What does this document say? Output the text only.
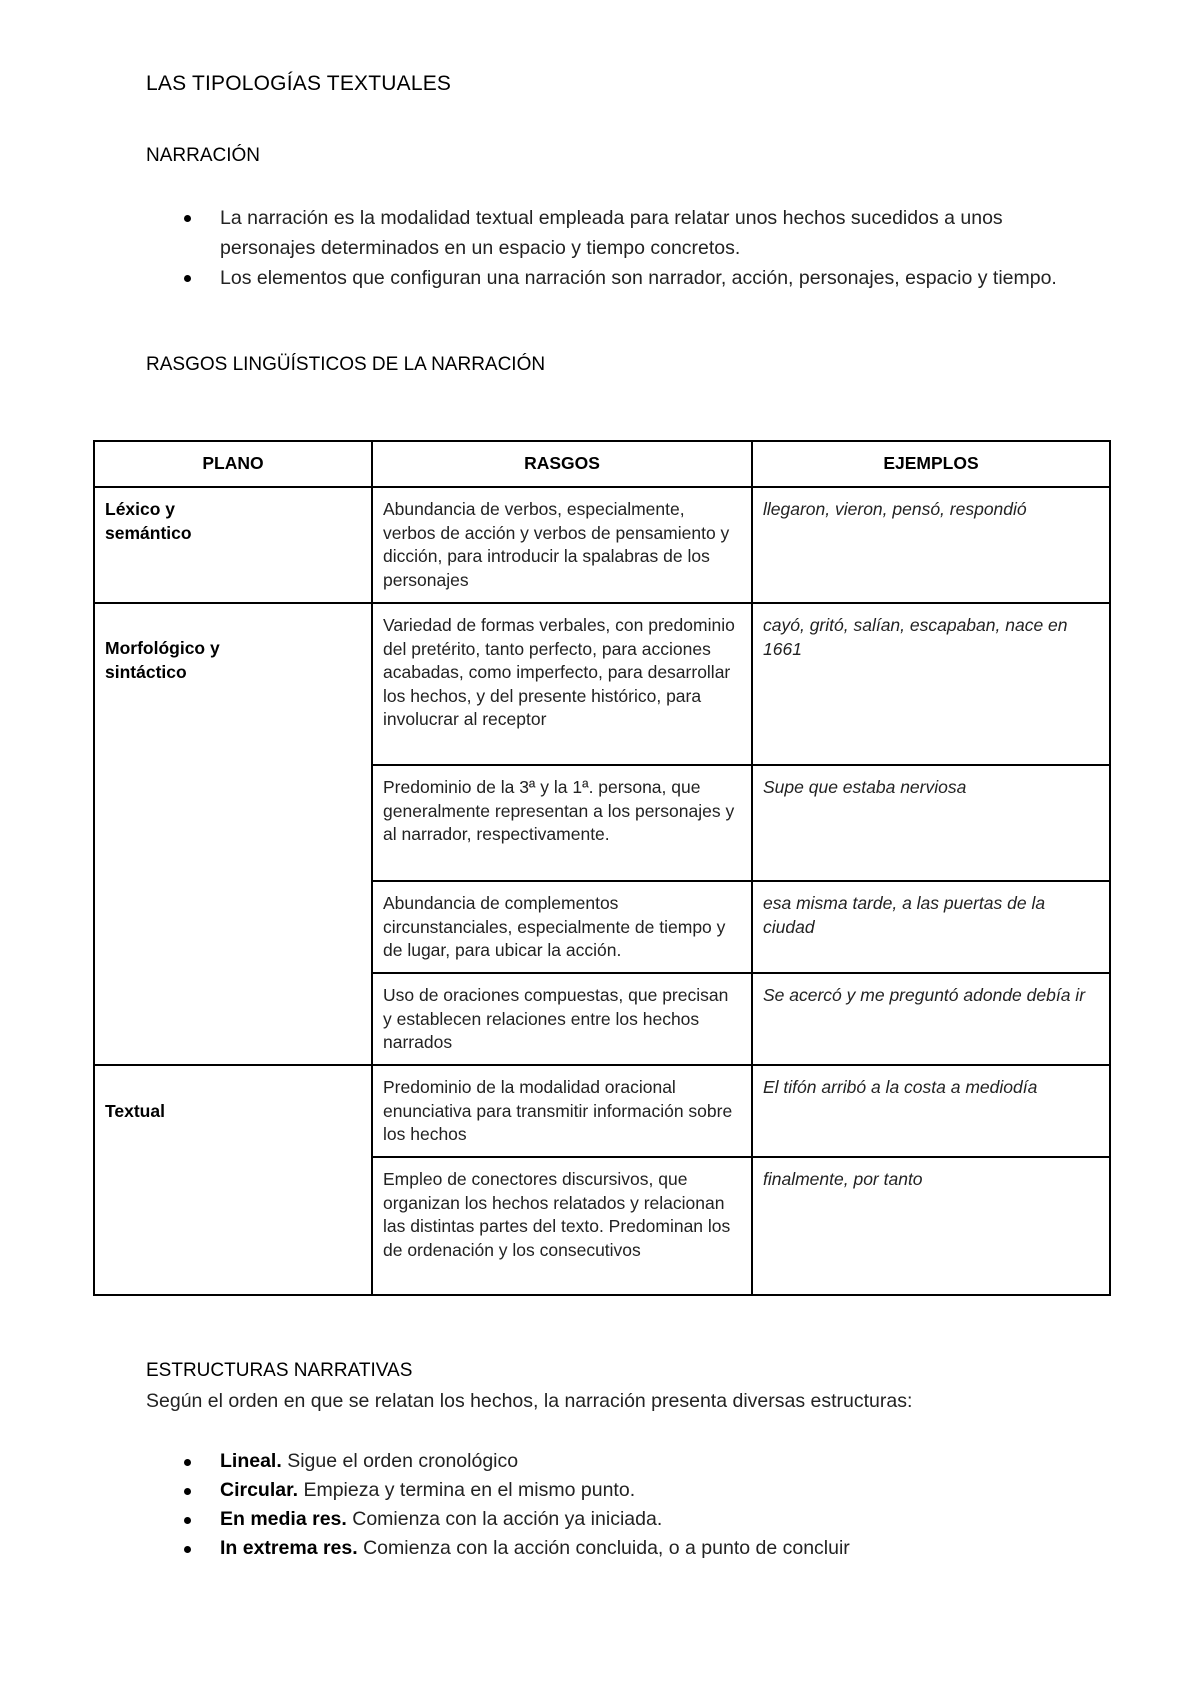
LAS TIPOLOGÍAS TEXTUALES
NARRACIÓN
La narración es la modalidad textual empleada para relatar unos hechos sucedidos a unos personajes determinados en un espacio y tiempo concretos.
Los elementos que configuran una narración son narrador, acción, personajes, espacio y tiempo.
RASGOS LINGÜÍSTICOS DE LA NARRACIÓN
PLANO	RASGOS	EJEMPLOS

Léxico y semántico	Abundancia de verbos, especialmente, verbos de acción y verbos de pensamiento y dicción, para introducir la spalabras de los personajes	llegaron, vieron, pensó, respondió

Morfológico y sintáctico	Variedad de formas verbales, con predominio del pretérito, tanto perfecto, para acciones acabadas, como imperfecto, para desarrollar los hechos, y del presente histórico, para involucrar al receptor	cayó, gritó, salían, escapaban, nace en 1661
	Predominio de la 3ª y la 1ª. persona, que generalmente representan a los personajes y al narrador, respectivamente.	Supe que estaba nerviosa
	Abundancia de complementos circunstanciales, especialmente de tiempo y de lugar, para ubicar la acción.	esa misma tarde, a las puertas de la ciudad
	Uso de oraciones compuestas, que precisan y establecen relaciones entre los hechos narrados	Se acercó y me preguntó adonde debía ir

Textual	Predominio de la modalidad oracional enunciativa para transmitir información sobre los hechos	El tifón arribó a la costa a mediodía
	Empleo de conectores discursivos, que organizan los hechos relatados y relacionan las distintas partes del texto. Predominan los de ordenación y los consecutivos	finalmente, por tanto
ESTRUCTURAS NARRATIVAS
Según el orden en que se relatan los hechos, la narración presenta diversas estructuras:
Lineal. Sigue el orden cronológico
Circular. Empieza y termina en el mismo punto.
En media res. Comienza con la acción ya iniciada.
In extrema res. Comienza con la acción concluida, o a punto de concluir
